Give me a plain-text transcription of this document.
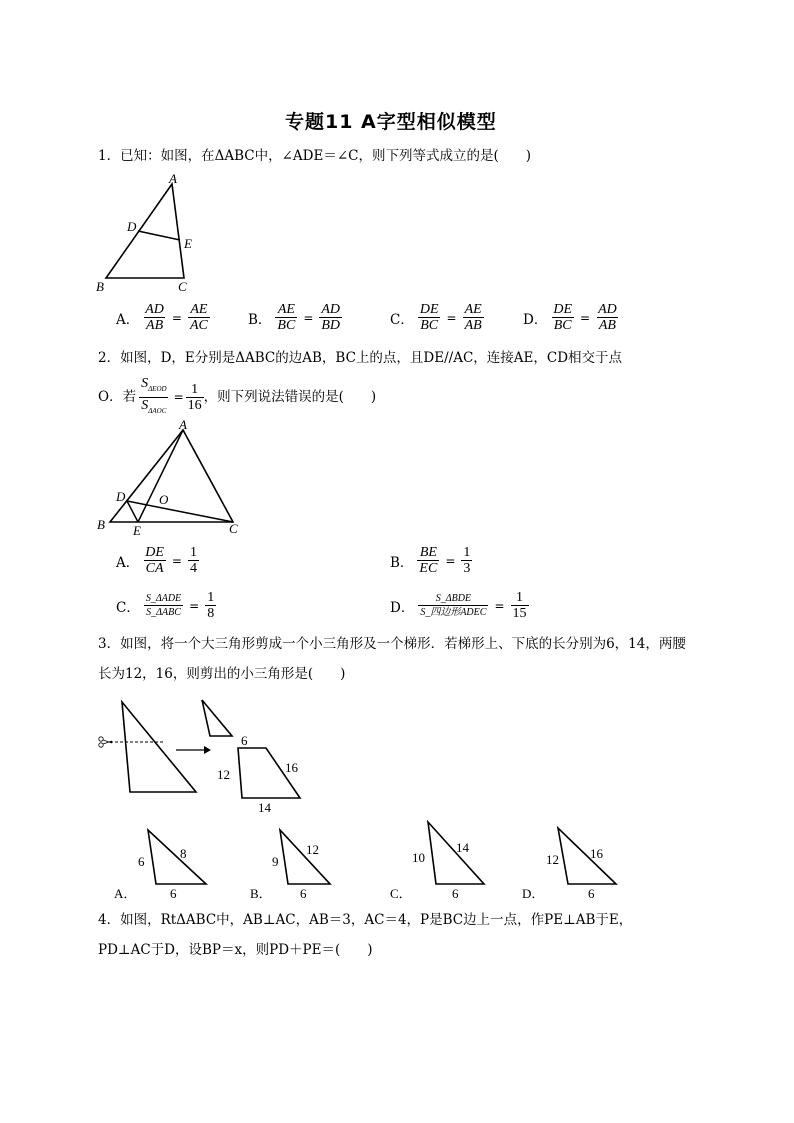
专题11 A字型相似模型
1．已知：如图，在ΔABC中，∠ADE＝∠C，则下列等式成立的是(　　)
A
D
E
B	C
A． $\frac{AD}{AB} = \frac{AE}{AC}$	B． $\frac{AE}{BC} = \frac{AD}{BD}$	C． $\frac{DE}{BC} = \frac{AE}{AB}$	D． $\frac{DE}{BC} = \frac{AD}{AB}$
2．如图，D，E分别是ΔABC的边AB，BC上的点，且DE//AC，连接AE，CD相交于点
O．若 $\frac{S_{\Delta EOD}}{S_{\Delta AOC}} = \frac{1}{16}$ ，则下列说法错误的是(　　)
A
D	O
B E	C
A． $\frac{DE}{CA} = \frac{1}{4}$	B． $\frac{BE}{EC} = \frac{1}{3}$
C． $\frac{\text{S\_ΔADE}}{\text{S\_ΔABC}} = \frac{1}{8}$	D． $\frac{\text{S\_ΔBDE}}{\text{S\_四边形ADEC}} = \frac{1}{15}$
3．如图，将一个大三角形剪成一个小三角形及一个梯形．若梯形上、下底的长分别为6，14，两腰
长为12，16，则剪出的小三角形是(　　)
6
12	16
14
A．
6
8
6	B．
9
12
6	C．
10
14
6	D．
12 16
6
4．如图，RtΔABC中，AB⊥AC，AB＝3，AC＝4，P是BC边上一点，作PE⊥AB于E，
PD⊥AC于D，设BP＝x，则PD＋PE＝(　　)
